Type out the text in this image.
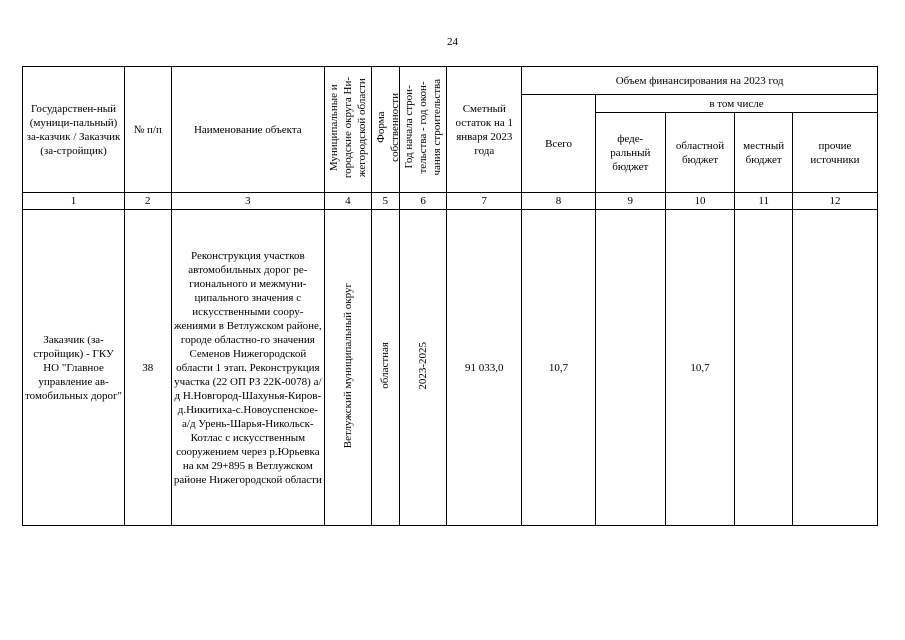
24
Государствен-ный (муници-пальный) за-казчик / Заказчик (за-стройщик)	№ п/п	Наименование объекта	Муниципальные и городские округа Ни- жегородской области	Форма собственности	Год начала строи- тельства - год окон- чания строительства	Сметный остаток на 1 января 2023 года	Объем финансирования на 2023 год				
							Всего	в том числе			
								феде-ральный бюджет	областной бюджет	местный бюджет	прочие источники
1	2	3	4	5	6	7	8	9	10	11	12
Заказчик (за-стройщик) - ГКУ НО "Главное управление ав-томобильных дорог"	38	Реконструкция участков автомобильных дорог ре-гионального и межмуни-ципального значения с искусственными соору-жениями в Ветлужском районе, городе областно-го значения Семенов Нижегородской области 1 этап. Реконструкция участка (22 ОП РЗ 22К-0078) а/д Н.Новгород-Шахунья-Киров-д.Никитиха-с.Новоуспенское- а/д Урень-Шарья-Никольск-Котлас с искусственным сооружением через р.Юрьевка на км 29+895 в Ветлужском районе Нижегородской области	Ветлужский муниципальный округ	областная	2023-2025	91 033,0	10,7		10,7		
